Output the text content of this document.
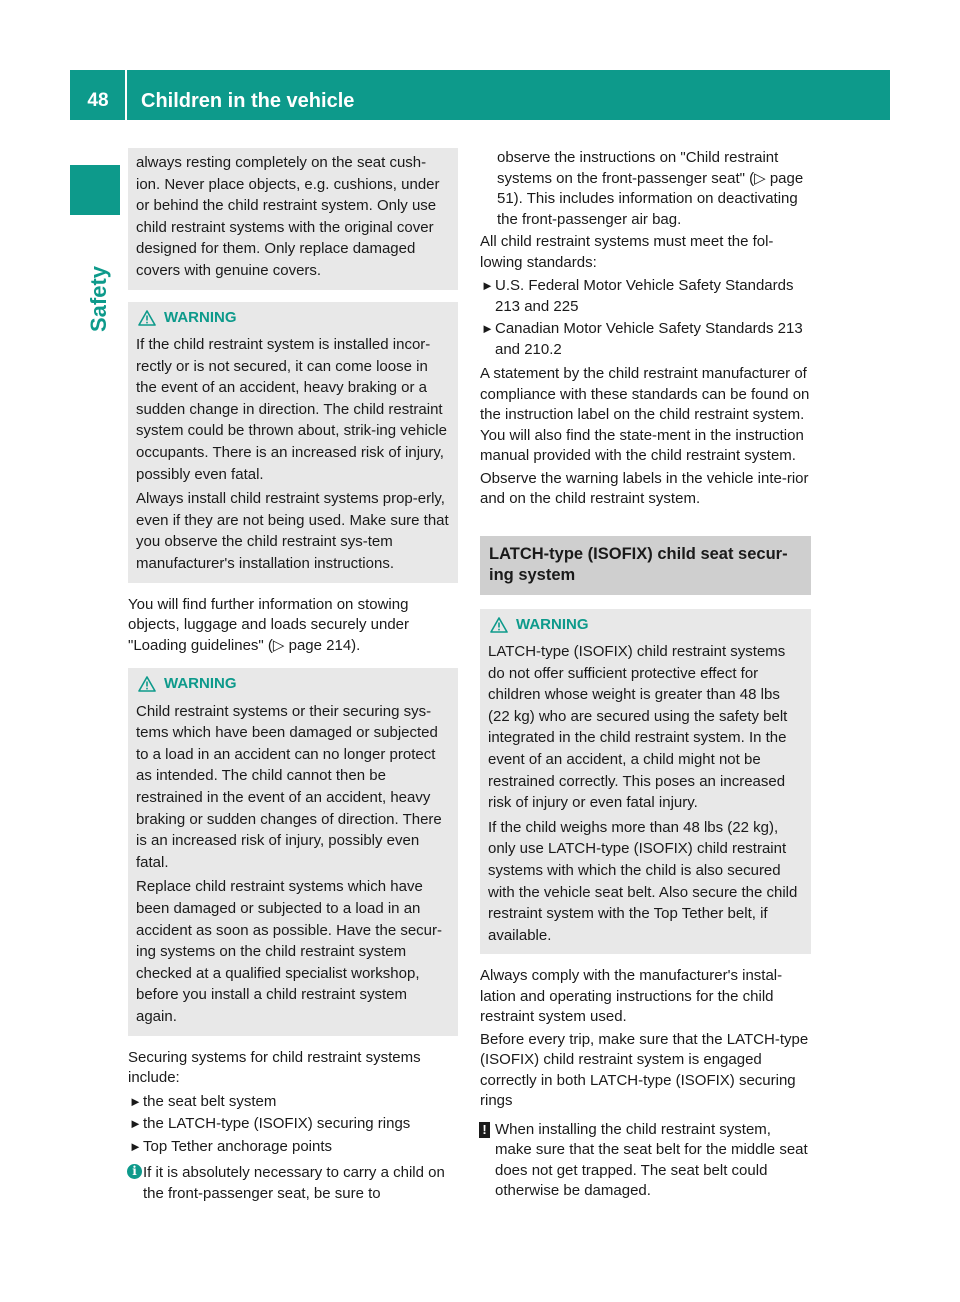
48	Children in the vehicle
Safety

always resting completely on the seat cush-ion. Never place objects, e.g. cushions, under or behind the child restraint system. Only use child restraint systems with the original cover designed for them. Only replace damaged covers with genuine covers.

WARNING

If the child restraint system is installed incor-rectly or is not secured, it can come loose in the event of an accident, heavy braking or a sudden change in direction. The child restraint system could be thrown about, strik-ing vehicle occupants. There is an increased risk of injury, possibly even fatal.

Always install child restraint systems prop-erly, even if they are not being used. Make sure that you observe the child restraint sys-tem manufacturer's installation instructions.

You will find further information on stowing objects, luggage and loads securely under "Loading guidelines" (▷ page 214).

WARNING

Child restraint systems or their securing sys-tems which have been damaged or subjected to a load in an accident can no longer protect as intended. The child cannot then be restrained in the event of an accident, heavy braking or sudden changes of direction. There is an increased risk of injury, possibly even fatal.

Replace child restraint systems which have been damaged or subjected to a load in an accident as soon as possible. Have the secur-ing systems on the child restraint system checked at a qualified specialist workshop, before you install a child restraint system again.

Securing systems for child restraint systems include:

► the seat belt system
► the LATCH-type (ISOFIX) securing rings
► Top Tether anchorage points
i If it is absolutely necessary to carry a child on the front-passenger seat, be sure to

observe the instructions on "Child restraint systems on the front-passenger seat" (▷ page 51). This includes information on deactivating the front-passenger air bag.

All child restraint systems must meet the fol-lowing standards:

► U.S. Federal Motor Vehicle Safety Standards 213 and 225
► Canadian Motor Vehicle Safety Standards 213 and 210.2

A statement by the child restraint manufacturer of compliance with these standards can be found on the instruction label on the child restraint system. You will also find the state-ment in the instruction manual provided with the child restraint system.

Observe the warning labels in the vehicle inte-rior and on the child restraint system.

LATCH-type (ISOFIX) child seat secur-ing system
WARNING

LATCH-type (ISOFIX) child restraint systems do not offer sufficient protective effect for children whose weight is greater than 48 lbs (22 kg) who are secured using the safety belt integrated in the child restraint system. In the event of an accident, a child might not be restrained correctly. This poses an increased risk of injury or even fatal injury.

If the child weighs more than 48 lbs (22 kg), only use LATCH-type (ISOFIX) child restraint systems with which the child is also secured with the vehicle seat belt. Also secure the child restraint system with the Top Tether belt, if available.

Always comply with the manufacturer's instal-lation and operating instructions for the child restraint system used.

Before every trip, make sure that the LATCH-type (ISOFIX) child restraint system is engaged correctly in both LATCH-type (ISOFIX) securing rings

! When installing the child restraint system, make sure that the seat belt for the middle seat does not get trapped. The seat belt could otherwise be damaged.
